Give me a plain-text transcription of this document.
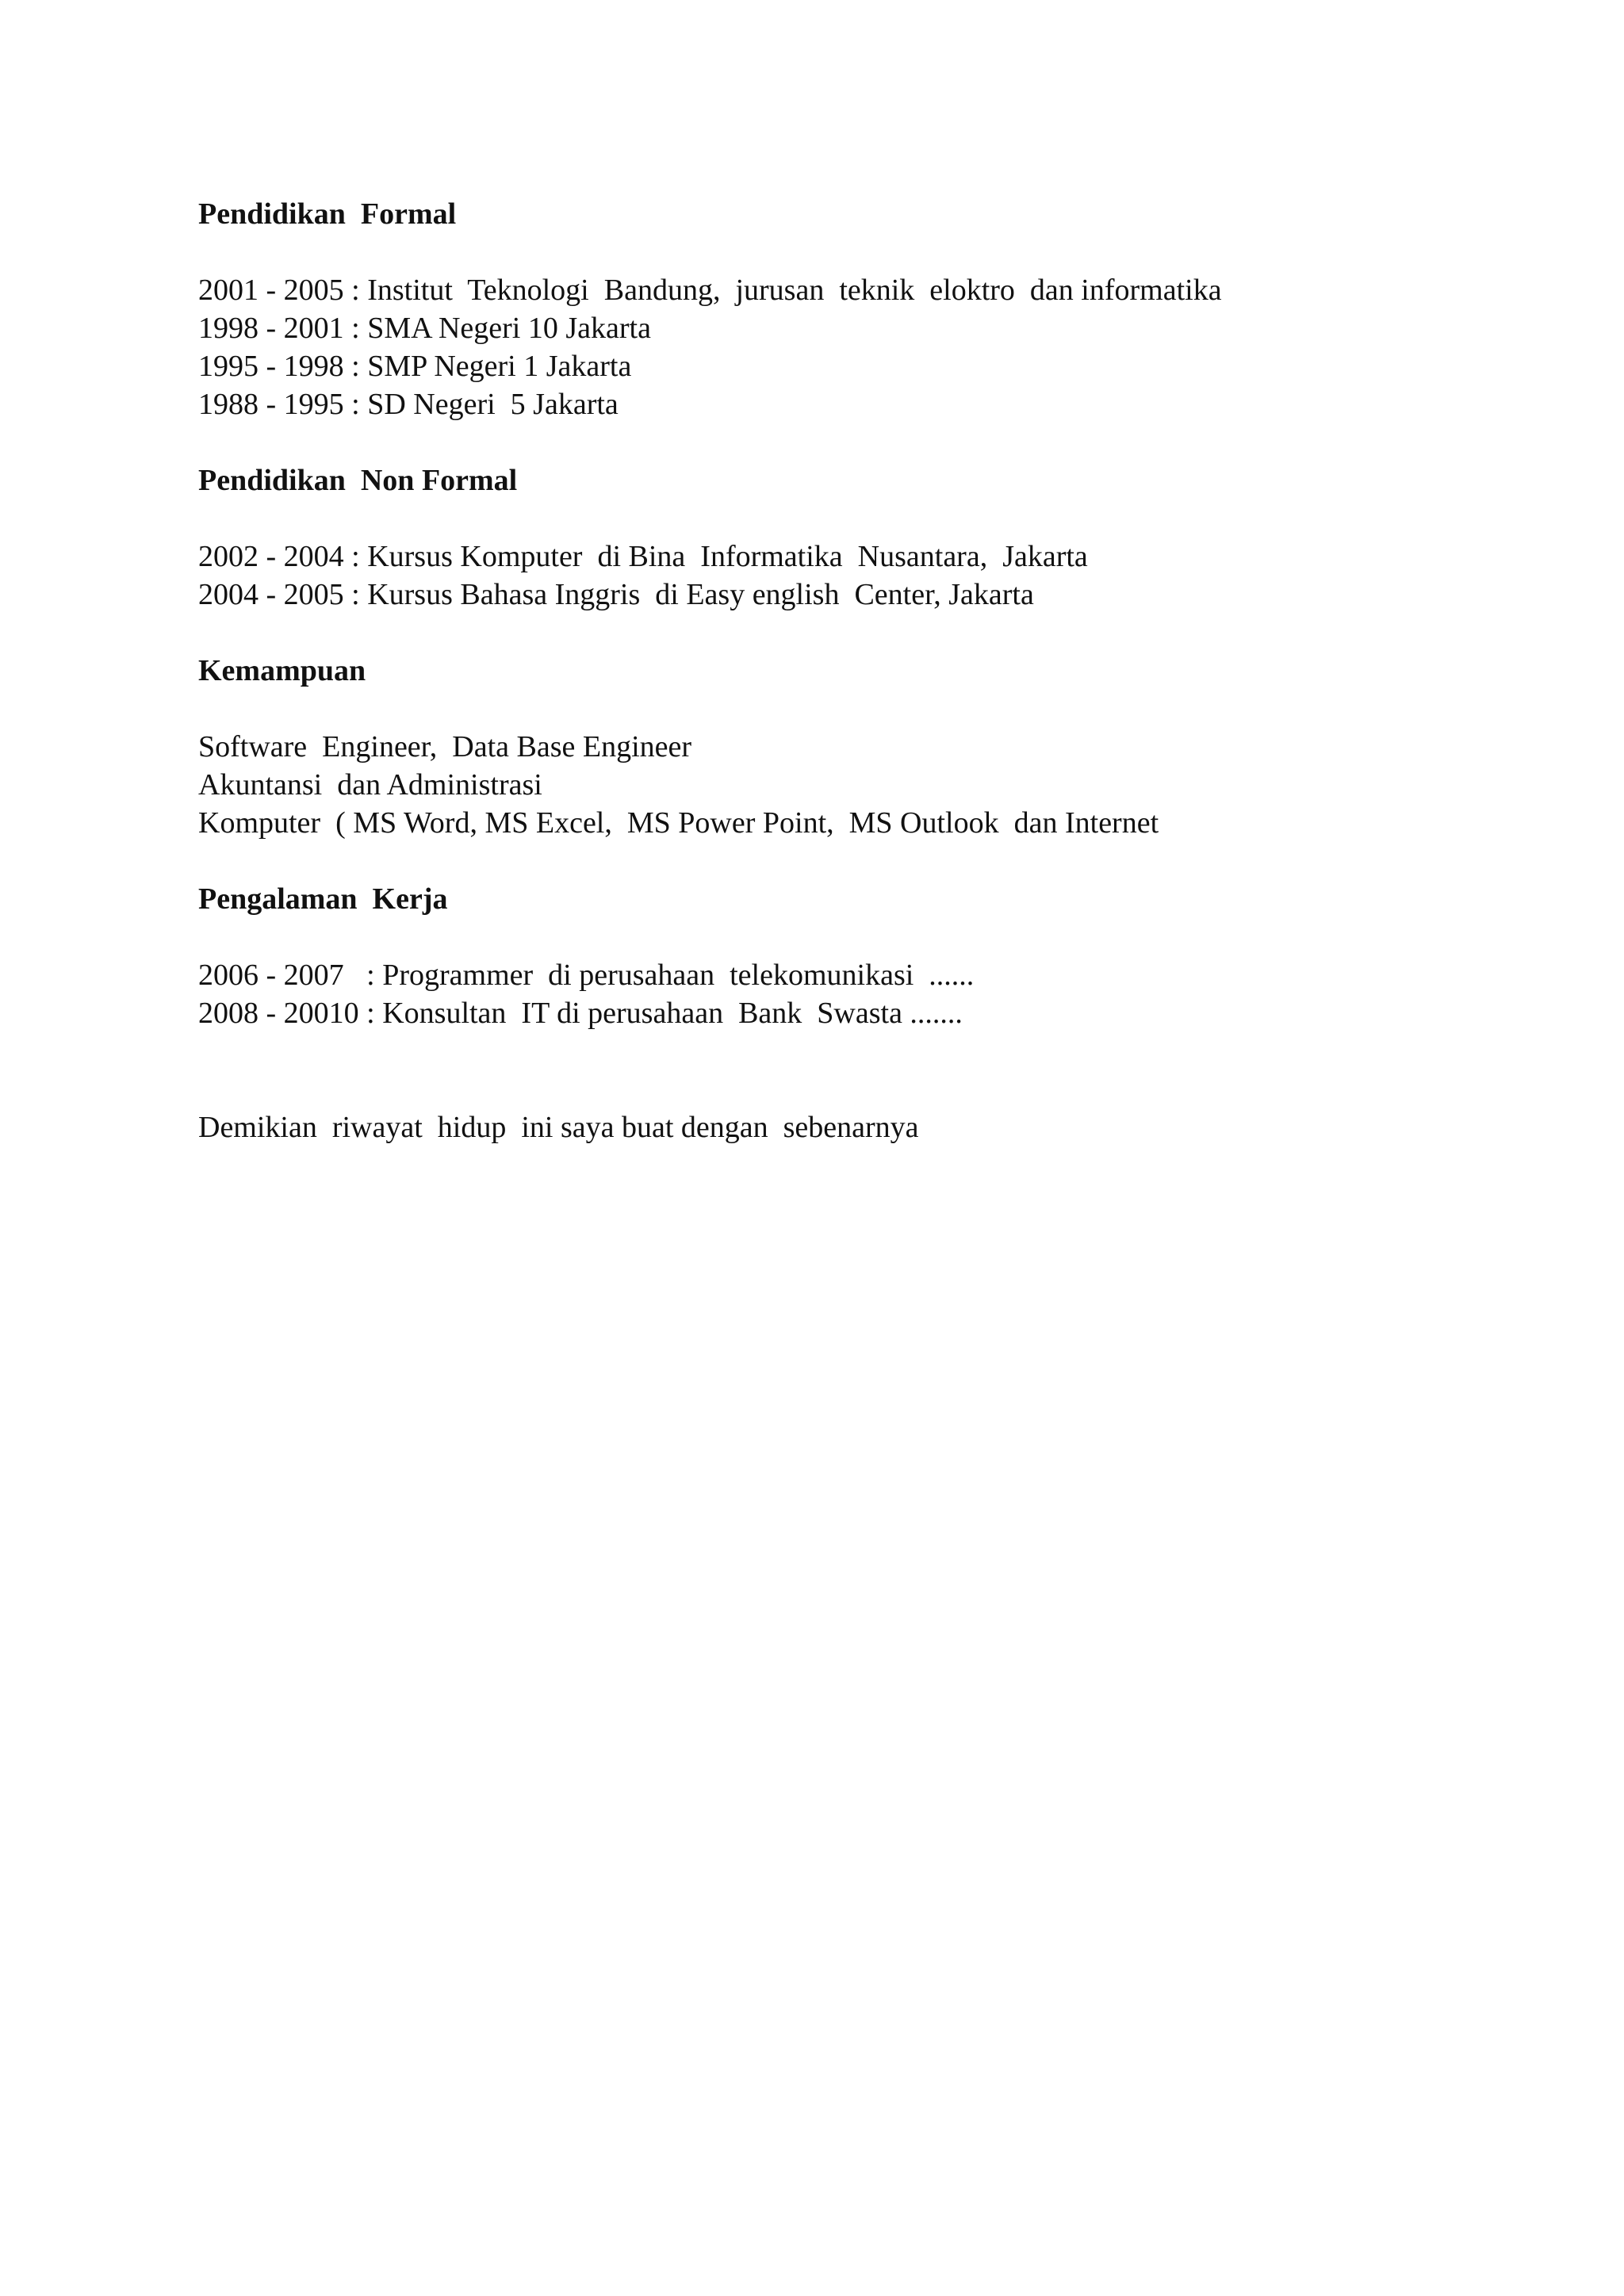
Pendidikan  Formal
2001 - 2005 : Institut  Teknologi  Bandung,  jurusan  teknik  eloktro  dan informatika
1998 - 2001 : SMA Negeri 10 Jakarta
1995 - 1998 : SMP Negeri 1 Jakarta
1988 - 1995 : SD Negeri  5 Jakarta
Pendidikan  Non Formal
2002 - 2004 : Kursus Komputer  di Bina  Informatika  Nusantara,  Jakarta
2004 - 2005 : Kursus Bahasa Inggris  di Easy english  Center, Jakarta
Kemampuan
Software  Engineer,  Data Base Engineer
Akuntansi  dan Administrasi
Komputer  ( MS Word, MS Excel,  MS Power Point,  MS Outlook  dan Internet
Pengalaman  Kerja
2006 - 2007   : Programmer  di perusahaan  telekomunikasi  ......
2008 - 20010 : Konsultan  IT di perusahaan  Bank  Swasta .......
Demikian  riwayat  hidup  ini saya buat dengan  sebenarnya
